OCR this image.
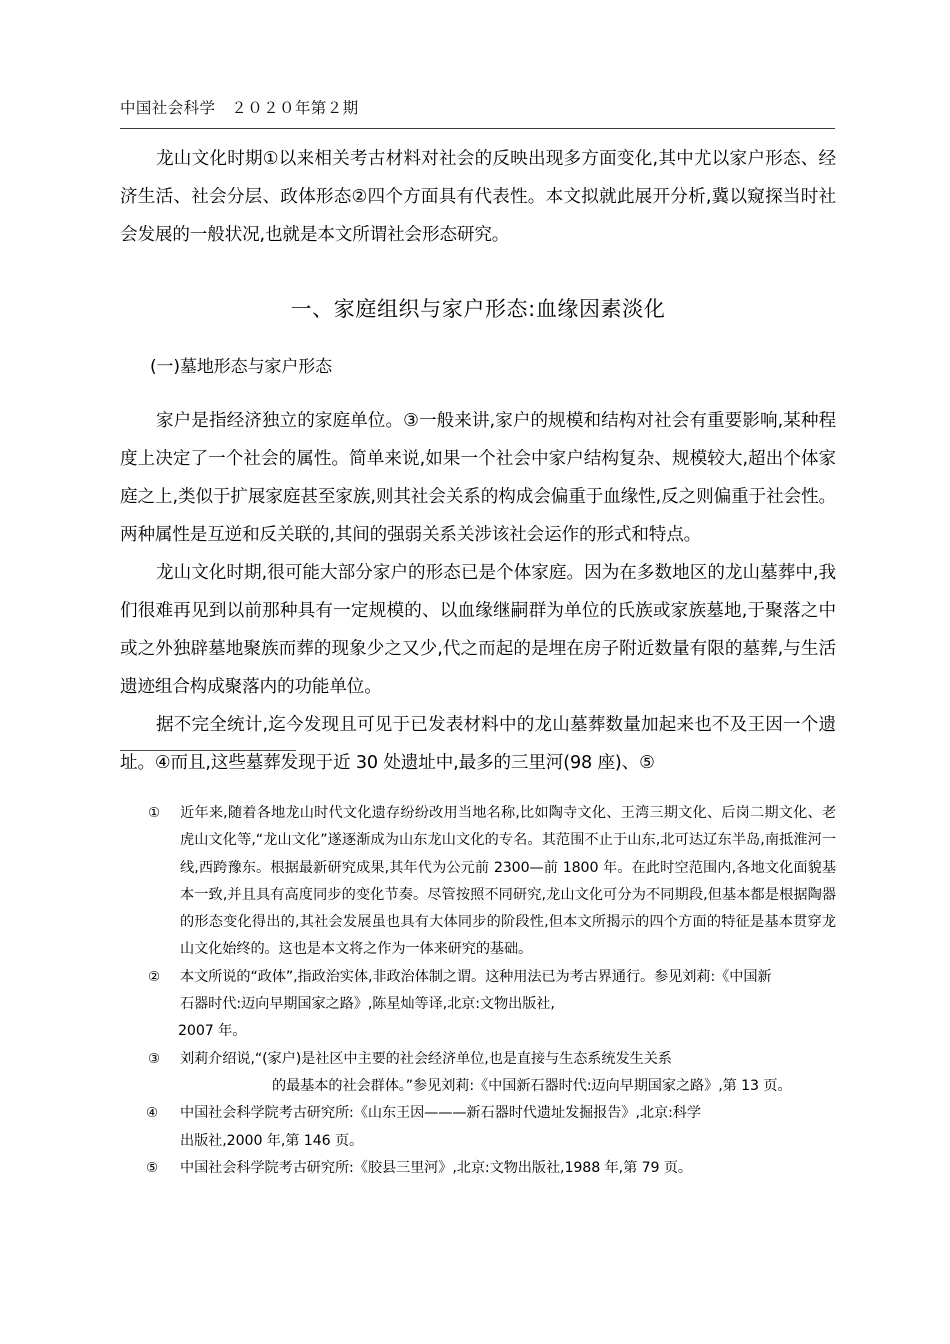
中国社会科学　２０２０年第２期

龙山文化时期①以来相关考古材料对社会的反映出现多方面变化,其中尤以家户形态、经济生活、社会分层、政体形态②四个方面具有代表性。本文拟就此展开分析,冀以窥探当时社会发展的一般状况,也就是本文所谓社会形态研究。

一、家庭组织与家户形态:血缘因素淡化
(一)墓地形态与家户形态

家户是指经济独立的家庭单位。③一般来讲,家户的规模和结构对社会有重要影响,某种程度上决定了一个社会的属性。简单来说,如果一个社会中家户结构复杂、规模较大,超出个体家庭之上,类似于扩展家庭甚至家族,则其社会关系的构成会偏重于血缘性,反之则偏重于社会性。两种属性是互逆和反关联的,其间的强弱关系关涉该社会运作的形式和特点。

龙山文化时期,很可能大部分家户的形态已是个体家庭。因为在多数地区的龙山墓葬中,我们很难再见到以前那种具有一定规模的、以血缘继嗣群为单位的氏族或家族墓地,于聚落之中或之外独辟墓地聚族而葬的现象少之又少,代之而起的是埋在房子附近数量有限的墓葬,与生活遗迹组合构成聚落内的功能单位。

据不完全统计,迄今发现且可见于已发表材料中的龙山墓葬数量加起来也不及王因一个遗址。④而且,这些墓葬发现于近 30 处遗址中,最多的三里河(98 座)、⑤

①	近年来,随着各地龙山时代文化遗存纷纷改用当地名称,比如陶寺文化、王湾三期文化、后岗二期文化、老虎山文化等,“龙山文化”遂逐渐成为山东龙山文化的专名。其范围不止于山东,北可达辽东半岛,南抵淮河一线,西跨豫东。根据最新研究成果,其年代为公元前 2300—前 1800 年。在此时空范围内,各地文化面貌基本一致,并且具有高度同步的变化节奏。尽管按照不同研究,龙山文化可分为不同期段,但基本都是根据陶器的形态变化得出的,其社会发展虽也具有大体同步的阶段性,但本文所揭示的四个方面的特征是基本贯穿龙山文化始终的。这也是本文将之作为一体来研究的基础。
②	本文所说的“政体”,指政治实体,非政治体制之谓。这种用法已为考古界通行。参见刘莉:《中国新
石器时代:迈向早期国家之路》,陈星灿等译,北京:文物出版社,
2007 年。
③	刘莉介绍说,“(家户)是社区中主要的社会经济单位,也是直接与生态系统发生关系
的最基本的社会群体。”参见刘莉:《中国新石器时代:迈向早期国家之路》,第 13 页。
④	中国社会科学院考古研究所:《山东王因———新石器时代遗址发掘报告》,北京:科学
出版社,2000 年,第 146 页。
⑤	中国社会科学院考古研究所:《胶县三里河》,北京:文物出版社,1988 年,第 79 页。
